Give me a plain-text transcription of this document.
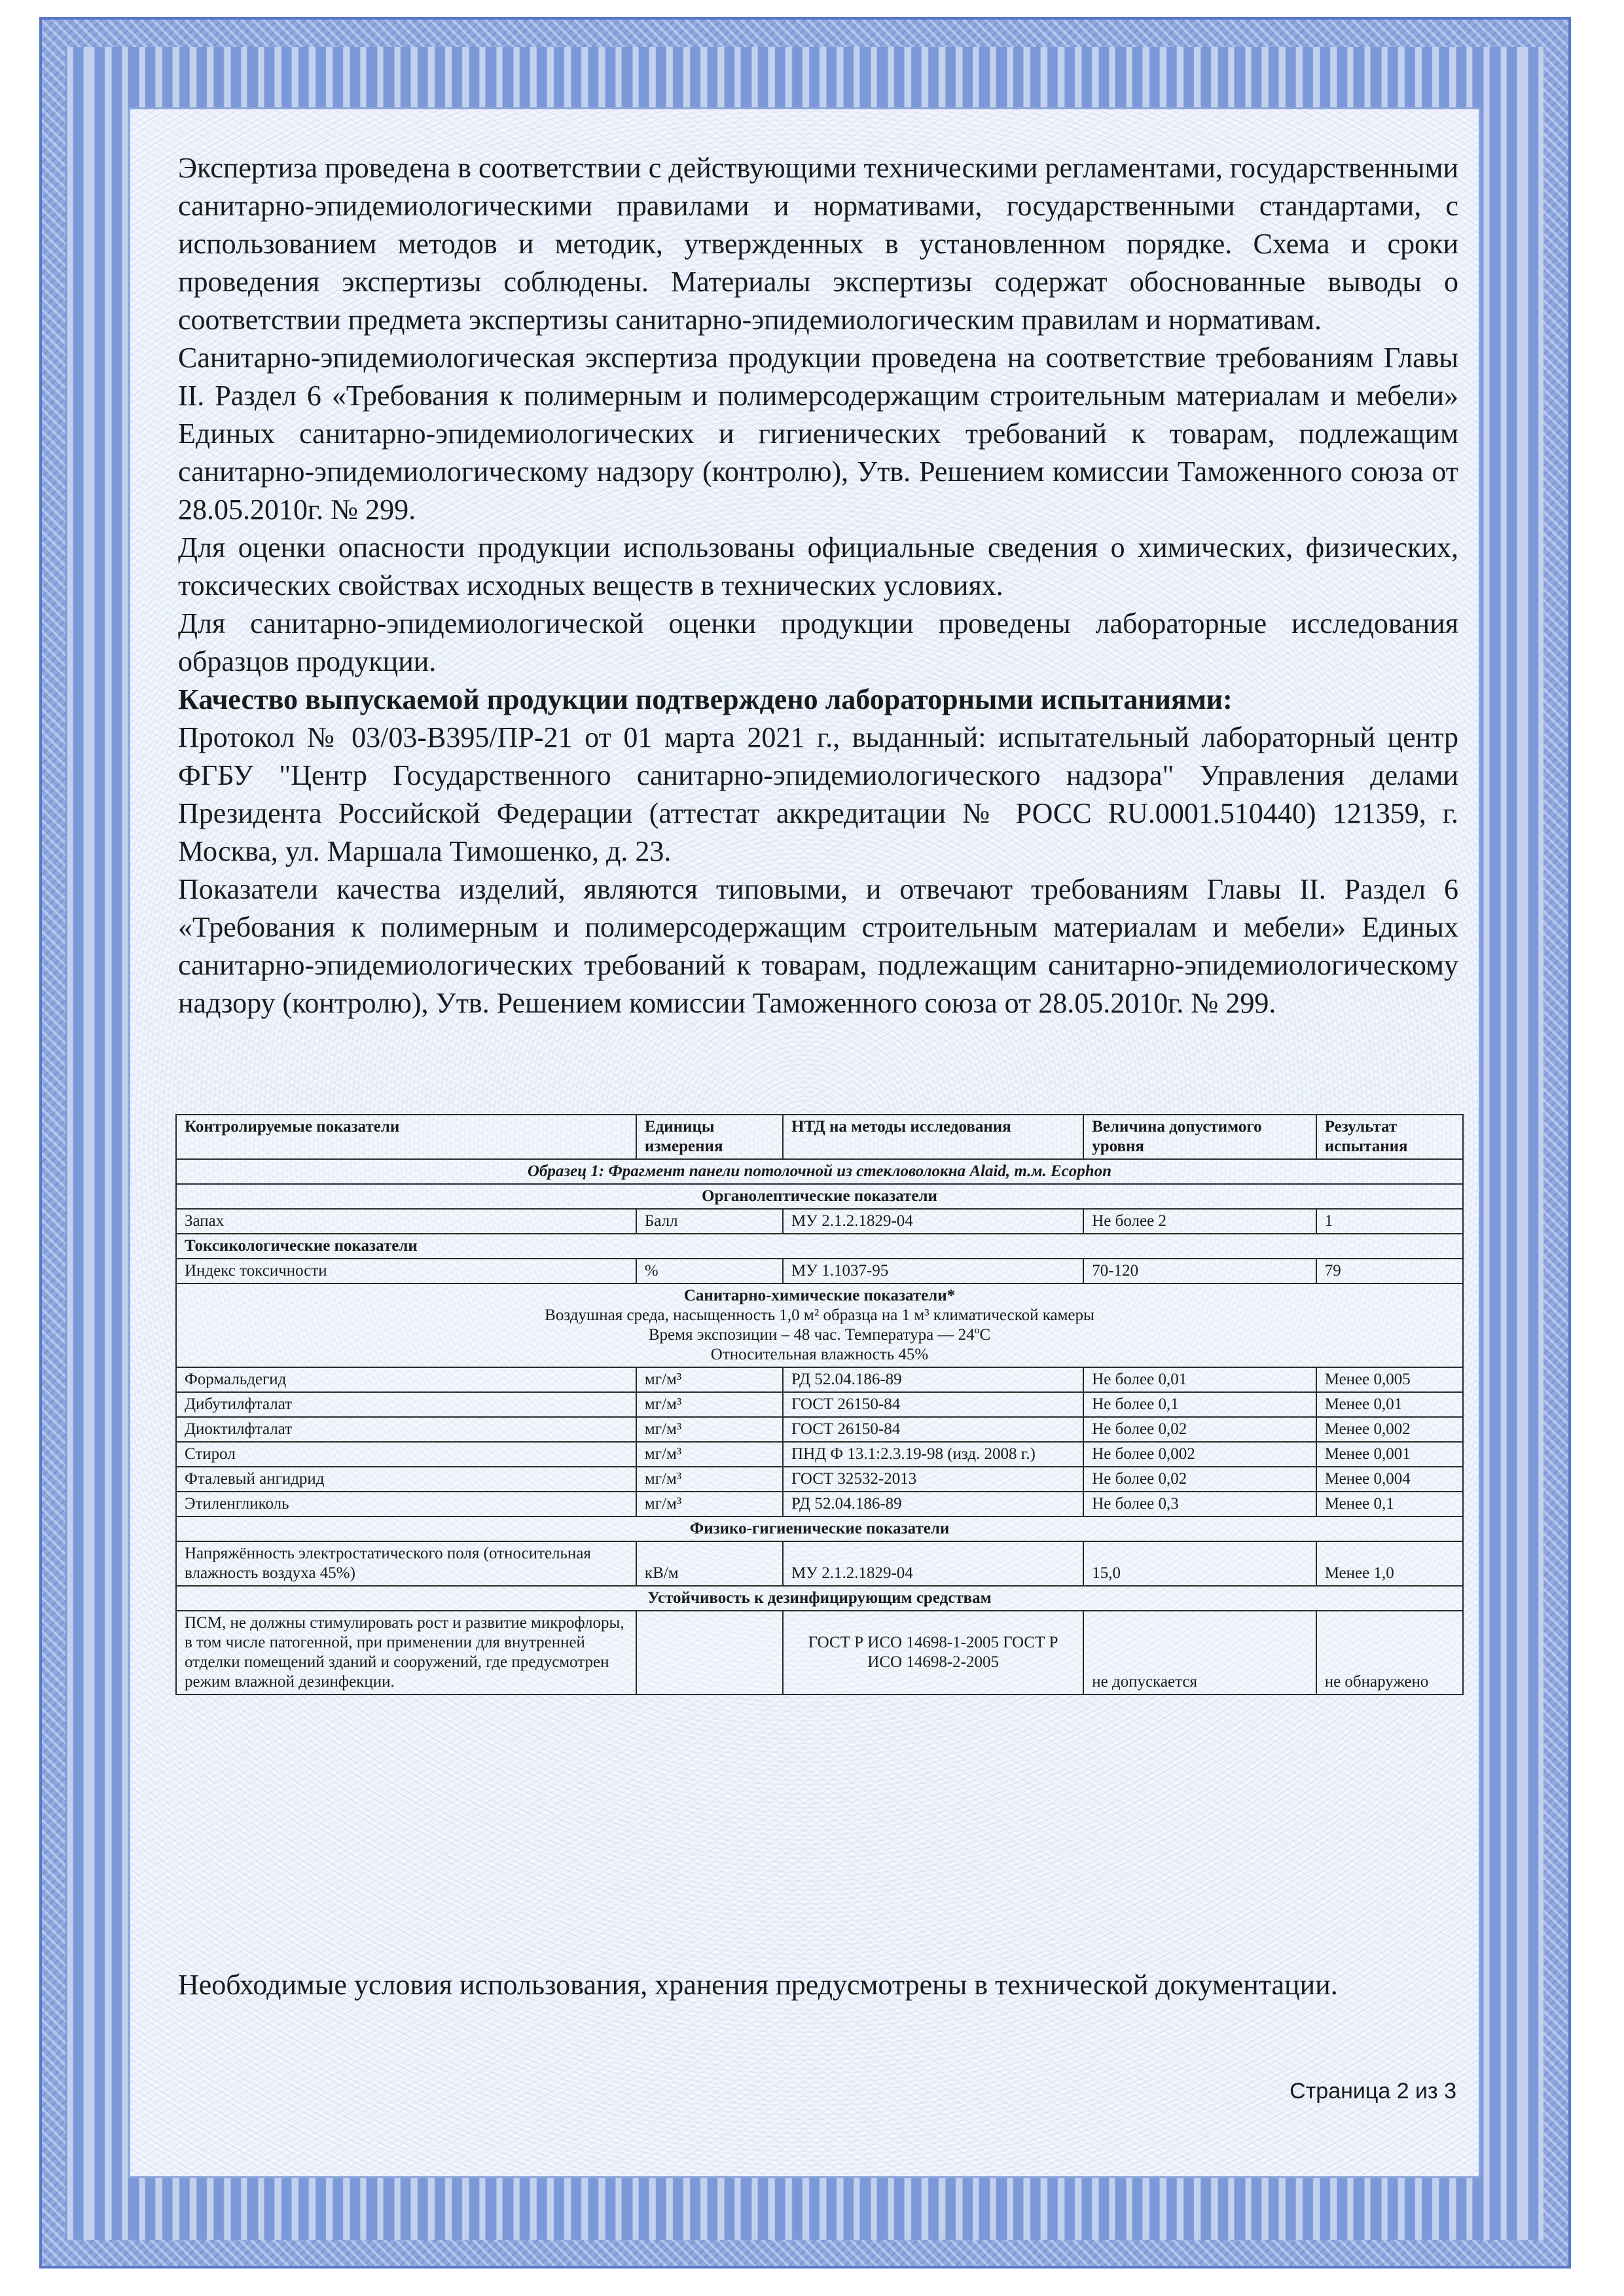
Экспертиза проведена в соответствии с действующими техническими регламентами, государственными санитарно-эпидемиологическими правилами и нормативами, государственными стандартами, с использованием методов и методик, утвержденных в установленном порядке. Схема и сроки проведения экспертизы соблюдены. Материалы экспертизы содержат обоснованные выводы о соответствии предмета экспертизы санитарно-эпидемиологическим правилам и нормативам.

Санитарно-эпидемиологическая экспертиза продукции проведена на соответствие требованиям Главы II. Раздел 6 «Требования к полимерным и полимерсодержащим строительным материалам и мебели» Единых санитарно-эпидемиологических и гигиенических требований к товарам, подлежащим санитарно-эпидемиологическому надзору (контролю), Утв. Решением комиссии Таможенного союза от 28.05.2010г. № 299.

Для оценки опасности продукции использованы официальные сведения о химических, физических, токсических свойствах исходных веществ в технических условиях.

Для санитарно-эпидемиологической оценки продукции проведены лабораторные исследования образцов продукции.

Качество выпускаемой продукции подтверждено лабораторными испытаниями:

Протокол № 03/03-В395/ПР-21 от 01 марта 2021 г., выданный: испытательный лабораторный центр ФГБУ "Центр Государственного санитарно-эпидемиологического надзора" Управления делами Президента Российской Федерации (аттестат аккредитации № РОСС RU.0001.510440) 121359, г. Москва, ул. Маршала Тимошенко, д. 23.

Показатели качества изделий, являются типовыми, и отвечают требованиям Главы II. Раздел 6 «Требования к полимерным и полимерсодержащим строительным материалам и мебели» Единых санитарно-эпидемиологических требований к товарам, подлежащим санитарно-эпидемиологическому надзору (контролю), Утв. Решением комиссии Таможенного союза от 28.05.2010г. № 299.

Контролируемые показатели	Единицы измерения	НТД на методы исследования	Величина допустимого уровня	Результат испытания
Образец 1: Фрагмент панели потолочной из стекловолокна Alaid, т.м. Ecophon				
Органолептические показатели				
Запах	Балл	МУ 2.1.2.1829-04	Не более 2	1
Токсикологические показатели				
Индекс токсичности	%	МУ 1.1037-95	70-120	79

Санитарно-химические показатели*
Воздушная среда, насыщенность 1,0 м² образца на 1 м³ климатической камеры
Время экспозиции – 48 час. Температура — 24ºС
Относительная влажность 45%				

Формальдегид	мг/м³	РД 52.04.186-89	Не более 0,01	Менее 0,005
Дибутилфталат	мг/м³	ГОСТ 26150-84	Не более 0,1	Менее 0,01
Диоктилфталат	мг/м³	ГОСТ 26150-84	Не более 0,02	Менее 0,002
Стирол	мг/м³	ПНД Ф 13.1:2.3.19-98 (изд. 2008 г.)	Не более 0,002	Менее 0,001
Фталевый ангидрид	мг/м³	ГОСТ 32532-2013	Не более 0,02	Менее 0,004
Этиленгликоль	мг/м³	РД 52.04.186-89	Не более 0,3	Менее 0,1
Физико-гигиенические показатели				
Напряжённость электростатического поля (относительная влажность воздуха 45%)	кВ/м	МУ 2.1.2.1829-04	15,0	Менее 1,0
Устойчивость к дезинфицирующим средствам				
ПСМ, не должны стимулировать рост и развитие микрофлоры, в том числе патогенной, при применении для внутренней отделки помещений зданий и сооружений, где предусмотрен режим влажной дезинфекции.		ГОСТ Р ИСО 14698-1-2005 ГОСТ Р ИСО 14698-2-2005	не допускается	не обнаружено

Необходимые условия использования, хранения предусмотрены в технической документации.

Страница 2 из 3
